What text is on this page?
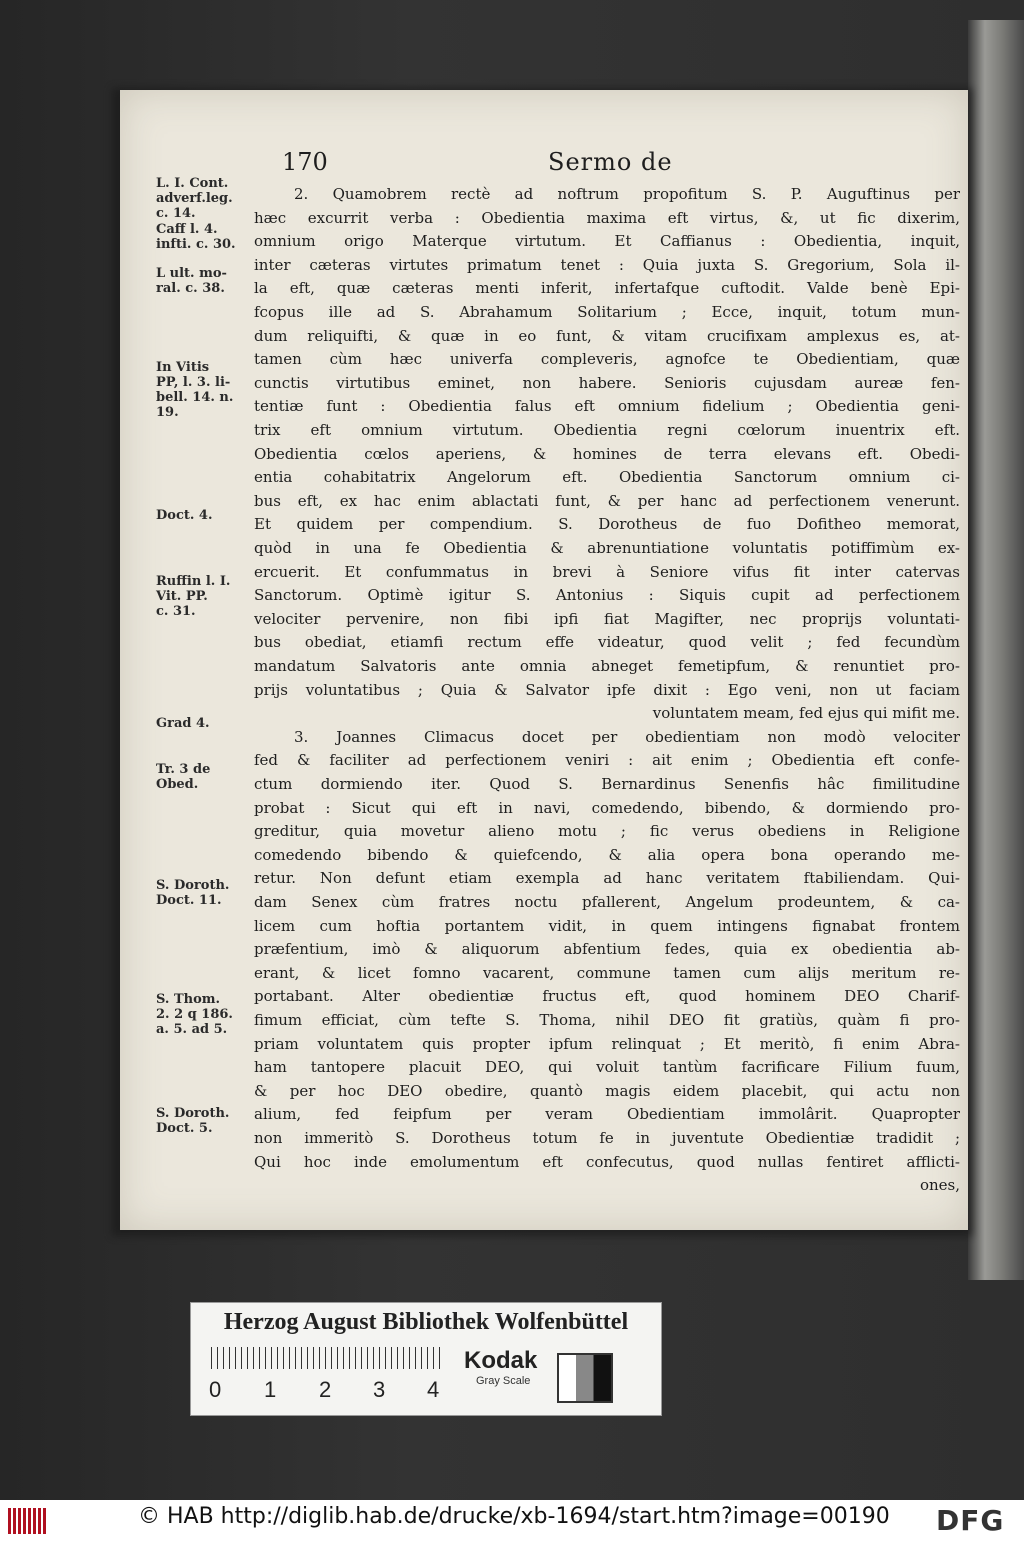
170	Sermo de
L. I. Cont.
adverf.leg.
c. 14.
Caff l. 4.
infti. c. 30.
L ult. mo-
ral. c. 38.
In Vitis
PP, l. 3. li-
bell. 14. n.
19.
Doct. 4.
Ruffin l. I.
Vit. PP.
c. 31.
Grad 4.
Tr. 3 de
Obed.
S. Doroth.
Doct. 11.
S. Thom.
2. 2 q 186.
a. 5. ad 5.
S. Doroth.
Doct. 5.
2. Quamobrem rectè ad noftrum propofitum S. P. Auguftinus per
hæc excurrit verba : Obedientia maxima eft virtus, &, ut fic dixerim,
omnium origo Materque virtutum. Et Caffianus : Obedientia, inquit,
inter cæteras virtutes primatum tenet : Quia juxta S. Gregorium, Sola il-
la eft, quæ cæteras menti inferit, infertafque cuftodit. Valde benè Epi-
fcopus ille ad S. Abrahamum Solitarium ; Ecce, inquit, totum mun-
dum reliquifti, & quæ in eo funt, & vitam crucifixam amplexus es, at-
tamen cùm hæc univerfa compleveris, agnofce te Obedientiam, quæ
cunctis virtutibus eminet, non habere. Senioris cujusdam aureæ fen-
tentiæ funt : Obedientia falus eft omnium fidelium ; Obedientia geni-
trix eft omnium virtutum. Obedientia regni cœlorum inuentrix eft.
Obedientia cœlos aperiens, & homines de terra elevans eft. Obedi-
entia cohabitatrix Angelorum eft. Obedientia Sanctorum omnium ci-
bus eft, ex hac enim ablactati funt, & per hanc ad perfectionem venerunt.
Et quidem per compendium. S. Dorotheus de fuo Dofitheo memorat,
quòd in una fe Obedientia & abrenuntiatione voluntatis potiffimùm ex-
ercuerit. Et confummatus in brevi à Seniore vifus fit inter catervas
Sanctorum. Optimè igitur S. Antonius : Siquis cupit ad perfectionem
velociter pervenire, non fibi ipfi fiat Magifter, nec proprijs voluntati-
bus obediat, etiamfi rectum effe videatur, quod velit ; fed fecundùm
mandatum Salvatoris ante omnia abneget femetipfum, & renuntiet pro-
prijs voluntatibus ; Quia & Salvator ipfe dixit : Ego veni, non ut faciam
voluntatem meam, fed ejus qui mifit me.
3. Joannes Climacus docet per obedientiam non modò velociter
fed & faciliter ad perfectionem veniri : ait enim ; Obedientia eft confe-
ctum dormiendo iter. Quod S. Bernardinus Senenfis hâc fimilitudine
probat : Sicut qui eft in navi, comedendo, bibendo, & dormiendo pro-
greditur, quia movetur alieno motu ; fic verus obediens in Religione
comedendo bibendo & quiefcendo, & alia opera bona operando me-
retur. Non defunt etiam exempla ad hanc veritatem ftabiliendam. Qui-
dam Senex cùm fratres noctu pfallerent, Angelum prodeuntem, & ca-
licem cum hoftia portantem vidit, in quem intingens fignabat frontem
præfentium, imò & aliquorum abfentium fedes, quia ex obedientia ab-
erant, & licet fomno vacarent, commune tamen cum alijs meritum re-
portabant. Alter obedientiæ fructus eft, quod hominem DEO Charif-
fimum efficiat, cùm tefte S. Thoma, nihil DEO fit gratiùs, quàm fi pro-
priam voluntatem quis propter ipfum relinquat ; Et meritò, fi enim Abra-
ham tantopere placuit DEO, qui voluit tantùm facrificare Filium fuum,
& per hoc DEO obedire, quantò magis eidem placebit, qui actu non
alium, fed feipfum per veram Obedientiam immolârit. Quapropter
non immeritò S. Dorotheus totum fe in juventute Obedientiæ tradidit ;
Qui hoc inde emolumentum eft confecutus, quod nullas fentiret afflicti-
ones,
Herzog August Bibliothek Wolfenbüttel
0 1 2 3 4
Kodak
Gray Scale
© HAB http://diglib.hab.de/drucke/xb-1694/start.htm?image=00190 DFG
